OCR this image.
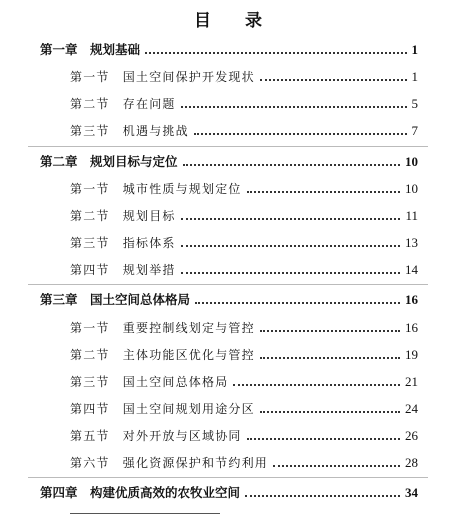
目 录
第一章　规划基础	1
第一节　国土空间保护开发现状	1
第二节　存在问题	5
第三节　机遇与挑战	7
第二章　规划目标与定位	10
第一节　城市性质与规划定位	10
第二节　规划目标	11
第三节　指标体系	13
第四节　规划举措	14
第三章　国土空间总体格局	16
第一节　重要控制线划定与管控	16
第二节　主体功能区优化与管控	19
第三节　国土空间总体格局	21
第四节　国土空间规划用途分区	24
第五节　对外开放与区域协同	26
第六节　强化资源保护和节约利用	28
第四章　构建优质高效的农牧业空间	34
